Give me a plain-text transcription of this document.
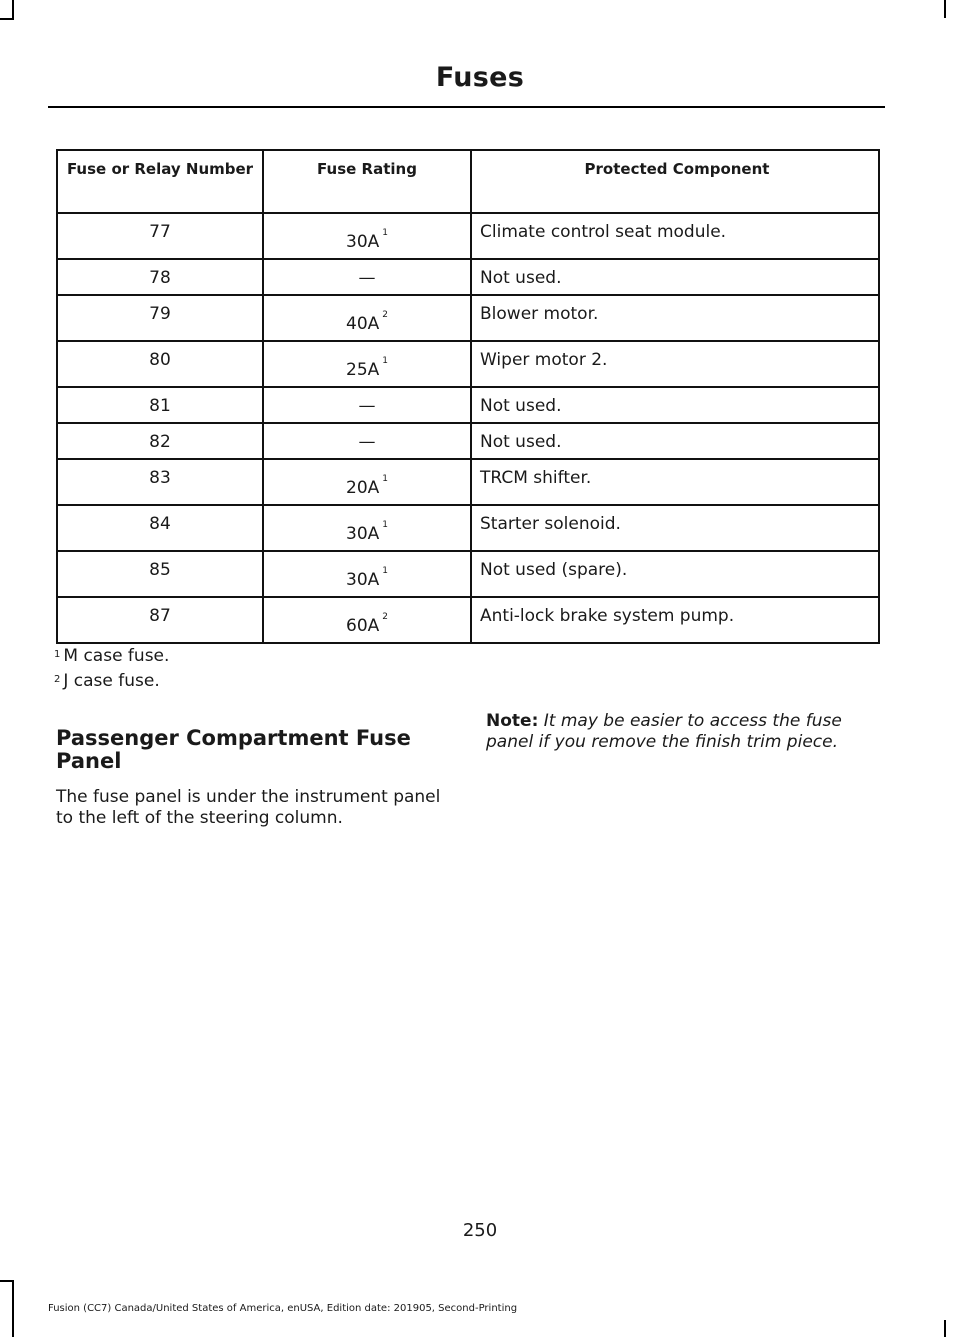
Fuses
Fuse or Relay Number	Fuse Rating	Protected Component

77	30A $^1$	Climate control seat module.

78	—	Not used.

79	40A $^2$	Blower motor.

80	25A $^1$	Wiper motor 2.

81	—	Not used.

82	—	Not used.

83	20A $^1$	TRCM shifter.

84	30A $^1$	Starter solenoid.

85	30A $^1$	Not used (spare).

87	60A $^2$	Anti-lock brake system pump.
$^1$ M case fuse.
$^2$ J case fuse.
Passenger Compartment Fuse Panel
The fuse panel is under the instrument panel to the left of the steering column.
Note: It may be easier to access the fuse panel if you remove the finish trim piece.
250
Fusion (CC7) Canada/United States of America, enUSA, Edition date: 201905, Second-Printing
